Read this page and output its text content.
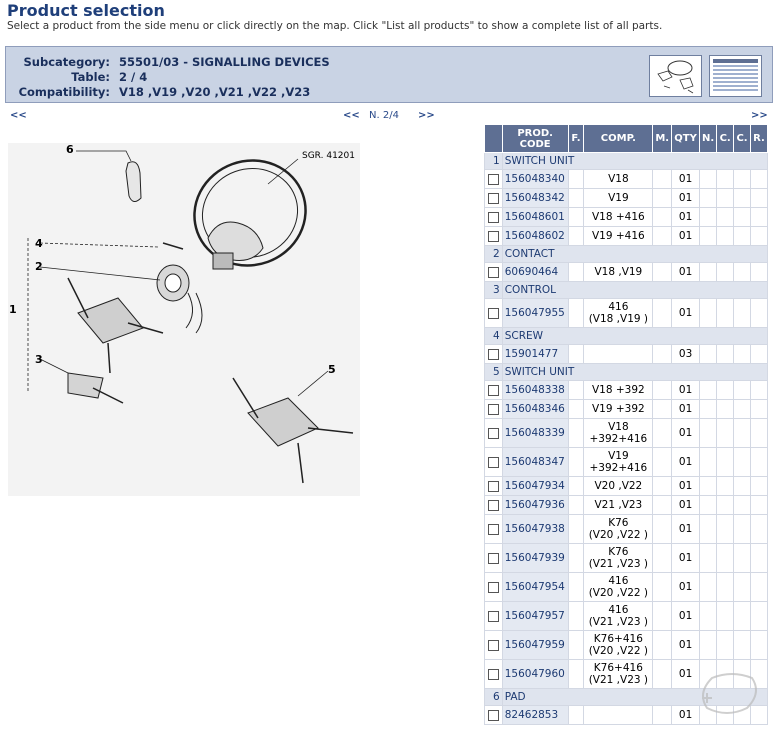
Product selection
Select a product from the side menu or click directly on the map. Click "List all products" to show a complete list of all parts.
Subcategory: 55501/03 - SIGNALLING DEVICES
Table: 2 / 4
Compatibility: V18 ,V19 ,V20 ,V21 ,V22 ,V23
<<	<< N. 2/4 >>	>>
6
4
2
1
3
5
SGR. 41201
	PROD. CODE	F.	COMP.	M.	QTY	N.	C.	C.	R.
1	SWITCH UNIT								
	156048340		V18		01				
	156048342		V19		01				
	156048601		V18 +416		01				
	156048602		V19 +416		01				
2	CONTACT								
	60690464		V18 ,V19		01				
3	CONTROL								
	156047955		416
(V18 ,V19 )		01				
4	SCREW								
	15901477				03				
5	SWITCH UNIT								
	156048338		V18 +392		01				
	156048346		V19 +392		01				
	156048339		V18
+392+416		01				
	156048347		V19
+392+416		01				
	156047934		V20 ,V22		01				
	156047936		V21 ,V23		01				
	156047938		K76
(V20 ,V22 )		01				
	156047939		K76
(V21 ,V23 )		01				
	156047954		416
(V20 ,V22 )		01				
	156047957		416
(V21 ,V23 )		01				
	156047959		K76+416
(V20 ,V22 )		01				
	156047960		K76+416
(V21 ,V23 )		01				
6	PAD								
	82462853				01				
